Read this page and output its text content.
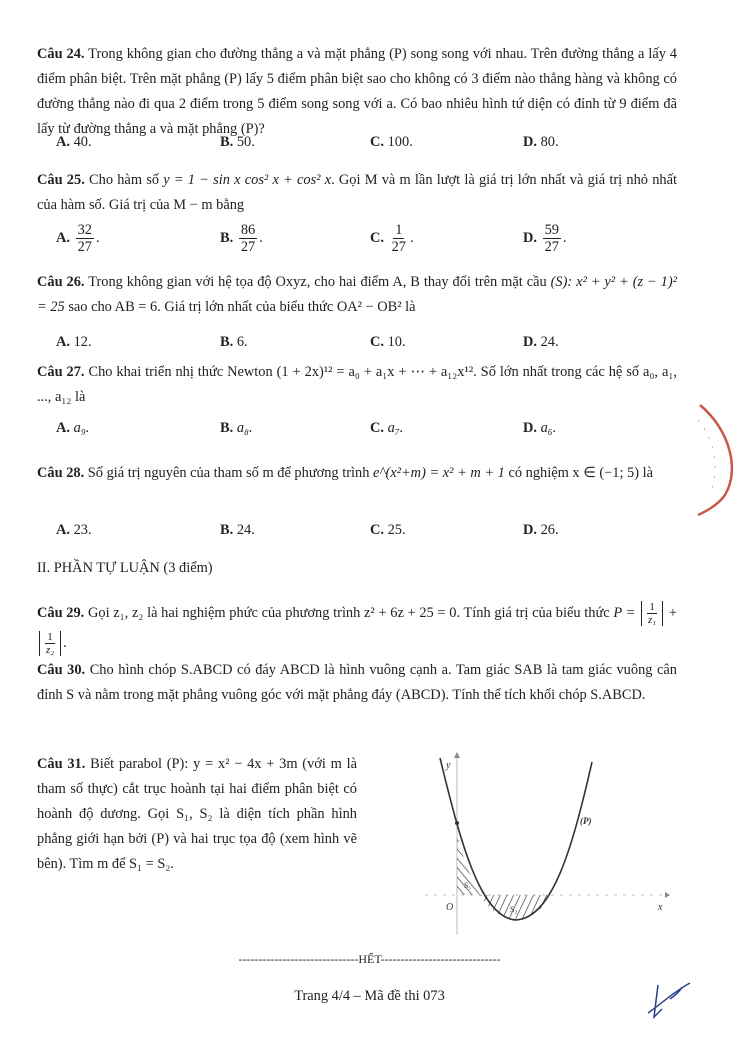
Câu 24. Trong không gian cho đường thẳng a và mặt phẳng (P) song song với nhau. Trên đường thẳng a lấy 4 điểm phân biệt. Trên mặt phẳng (P) lấy 5 điểm phân biệt sao cho không có 3 điểm nào thẳng hàng và không có đường thẳng nào đi qua 2 điểm trong 5 điểm song song với a. Có bao nhiêu hình tứ diện có đỉnh từ 9 điểm đã lấy từ đường thẳng a và mặt phẳng (P)?
A. 40.	B. 50.	C. 100.	D. 80.
Câu 25. Cho hàm số y = 1 − sin x cos² x + cos² x. Gọi M và m lần lượt là giá trị lớn nhất và giá trị nhỏ nhất của hàm số. Giá trị của M − m bằng
A. $\frac{32}{27}$ .	B. $\frac{86}{27}$ .	C. $\frac{1}{27}$ .	D. $\frac{59}{27}$ .
Câu 26. Trong không gian với hệ tọa độ Oxyz, cho hai điểm A, B thay đổi trên mặt cầu (S): x² + y² + (z − 1)² = 25 sao cho AB = 6. Giá trị lớn nhất của biểu thức OA² − OB² là
A. 12.	B. 6.	C. 10.	D. 24.
Câu 27. Cho khai triển nhị thức Newton (1 + 2x)¹² = a₀ + a₁x + ⋯ + a₁₂x¹². Số lớn nhất trong các hệ số a₀, a₁, ..., a₁₂ là
A. a₉.	B. a₈.	C. a₇.	D. a₆.
Câu 28. Số giá trị nguyên của tham số m để phương trình e^(x²+m) = x² + m + 1 có nghiệm x ∈ (−1; 5) là
A. 23.	B. 24.	C. 25.	D. 26.
II. PHẦN TỰ LUẬN (3 điểm)
Câu 29. Gọi z₁, z₂ là hai nghiệm phức của phương trình z² + 6z + 25 = 0. Tính giá trị của biểu thức $P = \frac{1}{\text{z₁}}$ +
$\frac{1}{\text{z₂}}$ .
Câu 30. Cho hình chóp S.ABCD có đáy ABCD là hình vuông cạnh a. Tam giác SAB là tam giác vuông cân đỉnh S và nằm trong mặt phẳng vuông góc với mặt phẳng đáy (ABCD). Tính thể tích khối chóp S.ABCD.
Câu 31. Biết parabol (P): y = x² − 4x + 3m (với m là tham số thực) cắt trục hoành tại hai điểm phân biệt có hoành độ dương. Gọi S₁, S₂ là diện tích phần hình phẳng giới hạn bởi (P) và hai trục tọa độ (xem hình vẽ bên). Tìm m để S₁ = S₂.
y
x
O
(P)
S₁
S₂
------------------------------HẾT------------------------------
Trang 4/4 – Mã đề thi 073
